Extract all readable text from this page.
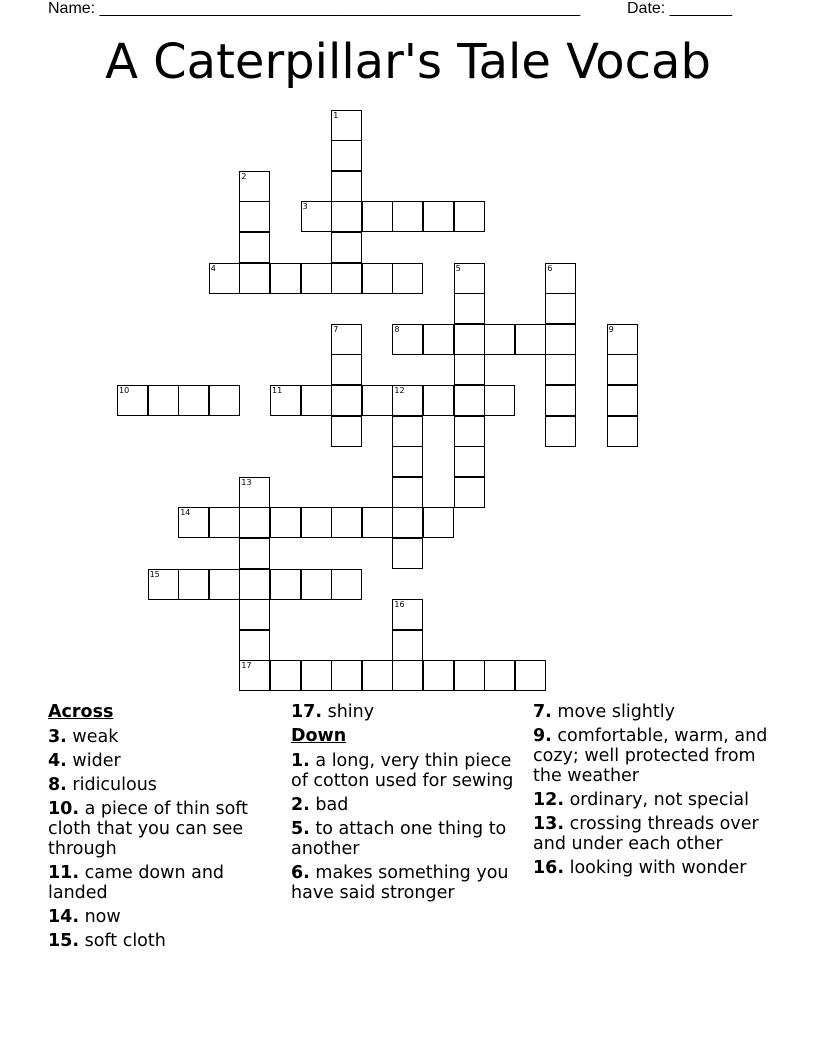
Name: ______________________________________________________	Date: _______
A Caterpillar's Tale Vocab
1
2
3
4	5	6
7	8	9
10	11	12
13
17
14
15
16
Across
3. weak
4. wider
8. ridiculous
10. a piece of thin soft cloth that you can see through
11. came down and landed
14. now
15. soft cloth
17. shiny
Down
1. a long, very thin piece of cotton used for sewing
2. bad
5. to attach one thing to another
6. makes something you have said stronger
7. move slightly
9. comfortable, warm, and cozy; well protected from the weather
12. ordinary, not special
13. crossing threads over and under each other
16. looking with wonder
